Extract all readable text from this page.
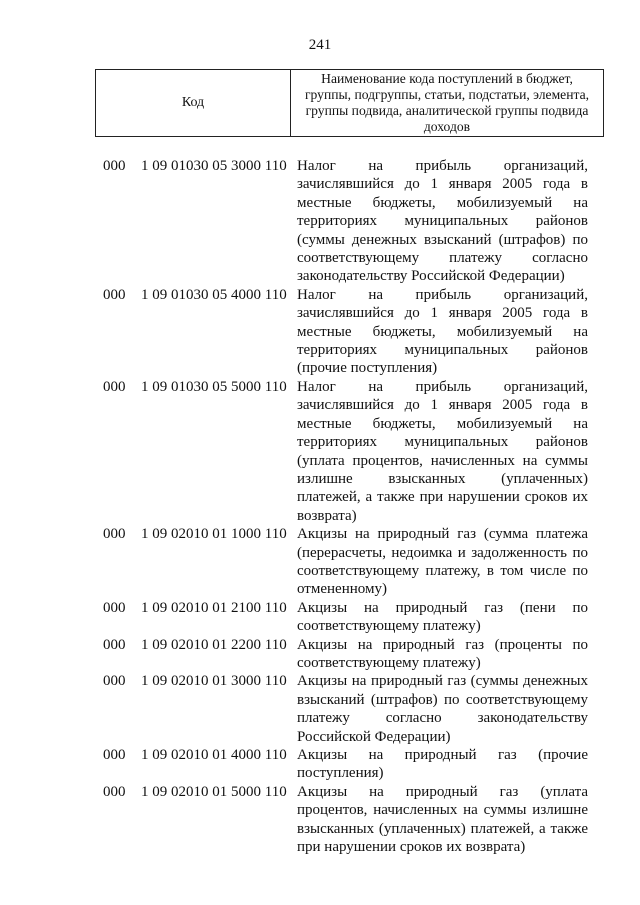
241
Код
Наименование кода поступлений в бюджет, группы, подгруппы, статьи, подстатьи, элемента, группы подвида, аналитической группы подвида доходов
000 1 09 01030 05 3000 110 Налог на прибыль организаций, зачислявшийся до 1 января 2005 года в местные бюджеты, мобилизуемый на территориях муниципальных районов (суммы денежных взысканий (штрафов) по соответствующему платежу согласно законодательству Российской Федерации)
000 1 09 01030 05 4000 110 Налог на прибыль организаций, зачислявшийся до 1 января 2005 года в местные бюджеты, мобилизуемый на территориях муниципальных районов (прочие поступления)
000 1 09 01030 05 5000 110 Налог на прибыль организаций, зачислявшийся до 1 января 2005 года в местные бюджеты, мобилизуемый на территориях муниципальных районов (уплата процентов, начисленных на суммы излишне взысканных (уплаченных) платежей, а также при нарушении сроков их возврата)
000 1 09 02010 01 1000 110 Акцизы на природный газ (сумма платежа (перерасчеты, недоимка и задолженность по соответствующему платежу, в том числе по отмененному)
000 1 09 02010 01 2100 110 Акцизы на природный газ (пени по соответствующему платежу)
000 1 09 02010 01 2200 110 Акцизы на природный газ (проценты по соответствующему платежу)
000 1 09 02010 01 3000 110 Акцизы на природный газ (суммы денежных взысканий (штрафов) по соответствующему платежу согласно законодательству Российской Федерации)
000 1 09 02010 01 4000 110 Акцизы на природный газ (прочие поступления)
000 1 09 02010 01 5000 110 Акцизы на природный газ (уплата процентов, начисленных на суммы излишне взысканных (уплаченных) платежей, а также при нарушении сроков их возврата)
